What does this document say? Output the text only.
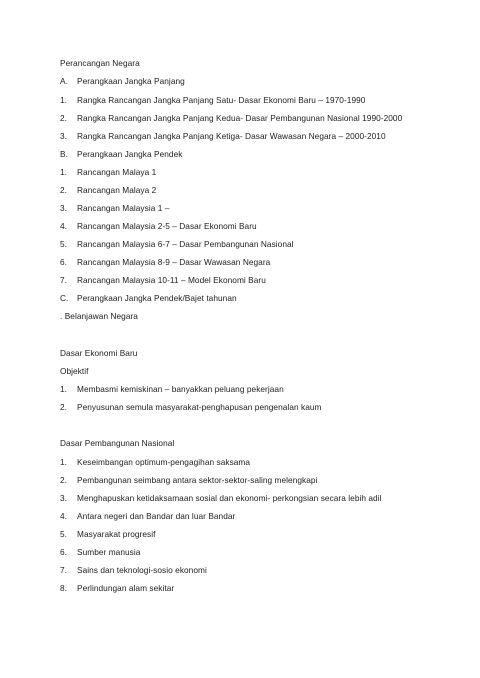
Perancangan Negara
A. Perangkaan Jangka Panjang
1. Rangka Rancangan Jangka Panjang Satu- Dasar Ekonomi Baru – 1970-1990
2. Rangka Rancangan Jangka Panjang Kedua- Dasar Pembangunan Nasional 1990-2000
3. Rangka Rancangan Jangka Panjang Ketiga- Dasar Wawasan Negara – 2000-2010
B. Perangkaan Jangka Pendek
1. Rancangan Malaya 1
2. Rancangan Malaya 2
3. Rancangan Malaysia 1 –
4. Rancangan Malaysia 2-5 – Dasar Ekonomi Baru
5. Rancangan Malaysia 6-7 – Dasar Pembangunan Nasional
6. Rancangan Malaysia 8-9 – Dasar Wawasan Negara
7. Rancangan Malaysia 10-11 – Model Ekonomi Baru
C. Perangkaan Jangka Pendek/Bajet tahunan
. Belanjawan Negara
Dasar Ekonomi Baru
Objektif
1. Membasmi kemiskinan – banyakkan peluang pekerjaan
2. Penyusunan semula masyarakat-penghapusan pengenalan kaum
Dasar Pembangunan Nasional
1. Keseimbangan optimum-pengagihan saksama
2. Pembangunan seimbang antara sektor-sektor-saling melengkapi
3. Menghapuskan ketidaksamaan sosial dan ekonomi- perkongsian secara lebih adil
4. Antara negeri dan Bandar dan luar Bandar
5. Masyarakat progresif
6. Sumber manusia
7. Sains dan teknologi-sosio ekonomi
8. Perlindungan alam sekitar
